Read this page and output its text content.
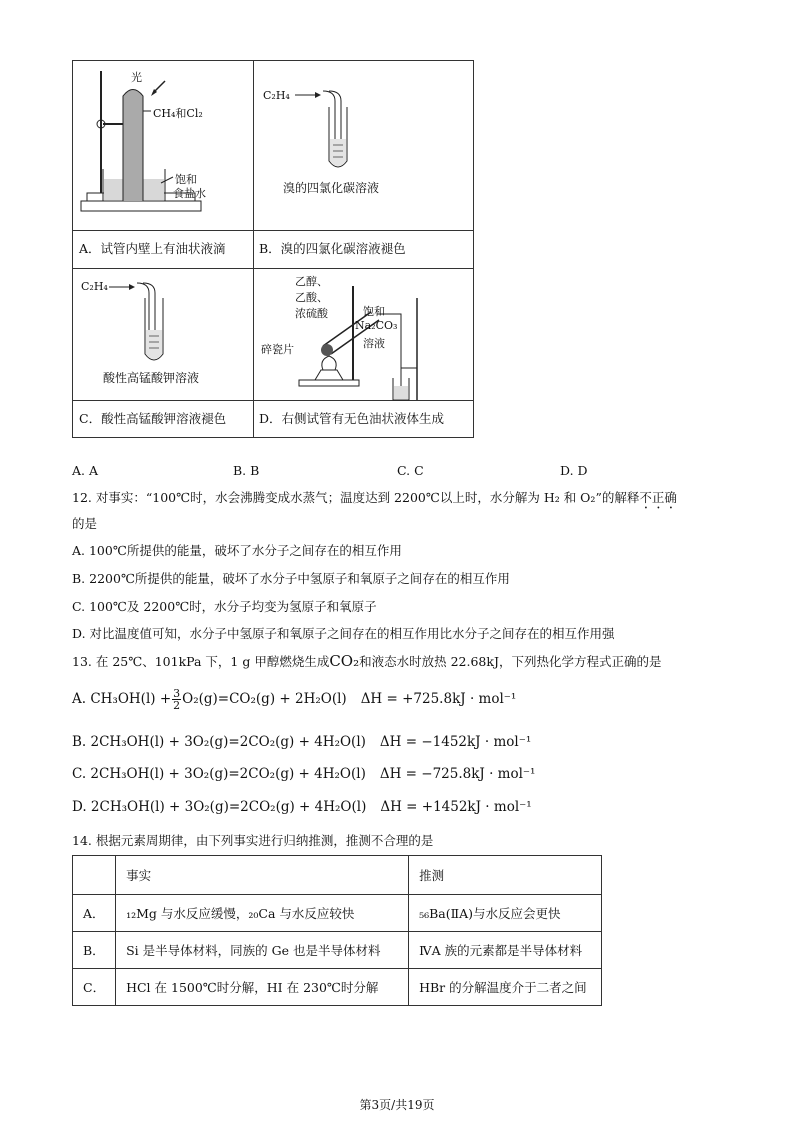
光
CH₄和Cl₂
饱和
食盐水
C₂H₄
溴的四氯化碳溶液
A．试管内壁上有油状液滴	B．溴的四氯化碳溶液褪色
C₂H₄
酸性高锰酸钾溶液
乙醇、
乙酸、
浓硫酸
碎瓷片
饱和
Na₂CO₃
溶液
C．酸性高锰酸钾溶液褪色	D．右侧试管有无色油状液体生成
A. A	B. B	C. C	D. D
12. 对事实：“100℃时，水会沸腾变成水蒸气；温度达到 2200℃以上时，水分解为 H₂ 和 O₂”的解释不正确
的是
A. 100℃所提供的能量，破坏了水分子之间存在的相互作用
B. 2200℃所提供的能量，破坏了水分子中氢原子和氧原子之间存在的相互作用
C. 100℃及 2200℃时，水分子均变为氢原子和氧原子
D. 对比温度值可知，水分子中氢原子和氧原子之间存在的相互作用比水分子之间存在的相互作用强
13. 在 25℃、101kPa 下，1 g 甲醇燃烧生成CO₂和液态水时放热 22.68kJ，下列热化学方程式正确的是
A. $CH_3OH(l) + \frac{3}{2} O_2(g)=CO_2(g) + 2H_2O(l) \Delta H = +725.8kJ \cdot mol^{-1}$
B. 2CH₃OH(l) + 3O₂(g)=2CO₂(g) + 4H₂O(l) ΔH = −1452kJ · mol⁻¹
C. 2CH₃OH(l) + 3O₂(g)=2CO₂(g) + 4H₂O(l) ΔH = −725.8kJ · mol⁻¹
D. 2CH₃OH(l) + 3O₂(g)=2CO₂(g) + 4H₂O(l) ΔH = +1452kJ · mol⁻¹
14. 根据元素周期律，由下列事实进行归纳推测，推测不合理的是
	事实	推测
A．	₁₂Mg 与水反应缓慢，₂₀Ca 与水反应较快	₅₆Ba(ⅡA)与水反应会更快
B．	Si 是半导体材料，同族的 Ge 也是半导体材料	ⅣA 族的元素都是半导体材料
C．	HCl 在 1500℃时分解，HI 在 230℃时分解	HBr 的分解温度介于二者之间
第3页/共19页
